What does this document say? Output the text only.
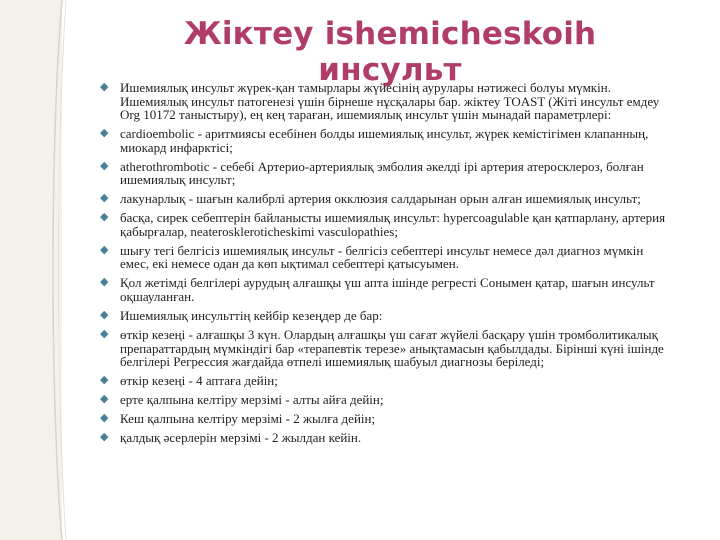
Жіктеу ishemicheskoih инсульт
◆ Ишемиялық инсульт жүрек-қан тамырлары жүйесінің аурулары нәтижесі болуы мүмкін. Ишемиялық инсульт патогенезі үшін бірнеше нұсқалары бар. жіктеу TOAST (Жіті инсульт емдеу Org 10172 таныстыру), ең кең тараған, ишемиялық инсульт үшін мынадай параметрлері:
◆ cardioembolic - аритмиясы есебінен болды ишемиялық инсульт, жүрек кемістігімен клапанның, миокард инфарктісі;
◆ atherothrombotic - себебі Артерио-артериялық эмболия әкелді ірі артерия атеросклероз, болған ишемиялық инсульт;
◆ лакунарлық - шағын калибрлі артерия окклюзия салдарынан орын алған ишемиялық инсульт;
◆ басқа, сирек себептерін байланысты ишемиялық инсульт: hypercoagulable қан қатпарлану, артерия қабырғалар, neateroskleroticheskimi vasculopathies;
◆ шығу тегі белгісіз ишемиялық инсульт - белгісіз себептері инсульт немесе дәл диагноз мүмкін емес, екі немесе одан да көп ықтимал себептері қатысуымен.
◆ Қол жетімді белгілері аурудың алғашқы үш апта ішінде регресті Сонымен қатар, шағын инсульт оқшауланған.
◆ Ишемиялық инсульттің кейбір кезеңдер де бар:
◆ өткір кезеңі - алғашқы 3 күн. Олардың алғашқы үш сағат жүйелі басқару үшін тромболитикалық препараттардың мүмкіндігі бар «терапевтік терезе» анықтамасын қабылдады. Бірінші күні ішінде белгілері Регрессия жағдайда өтпелі ишемиялық шабуыл диагнозы беріледі;
◆ өткір кезеңі - 4 аптаға дейін;
◆ ерте қалпына келтіру мерзімі - алты айға дейін;
◆ Кеш қалпына келтіру мерзімі - 2 жылға дейін;
◆ қалдық әсерлерін мерзімі - 2 жылдан кейін.
